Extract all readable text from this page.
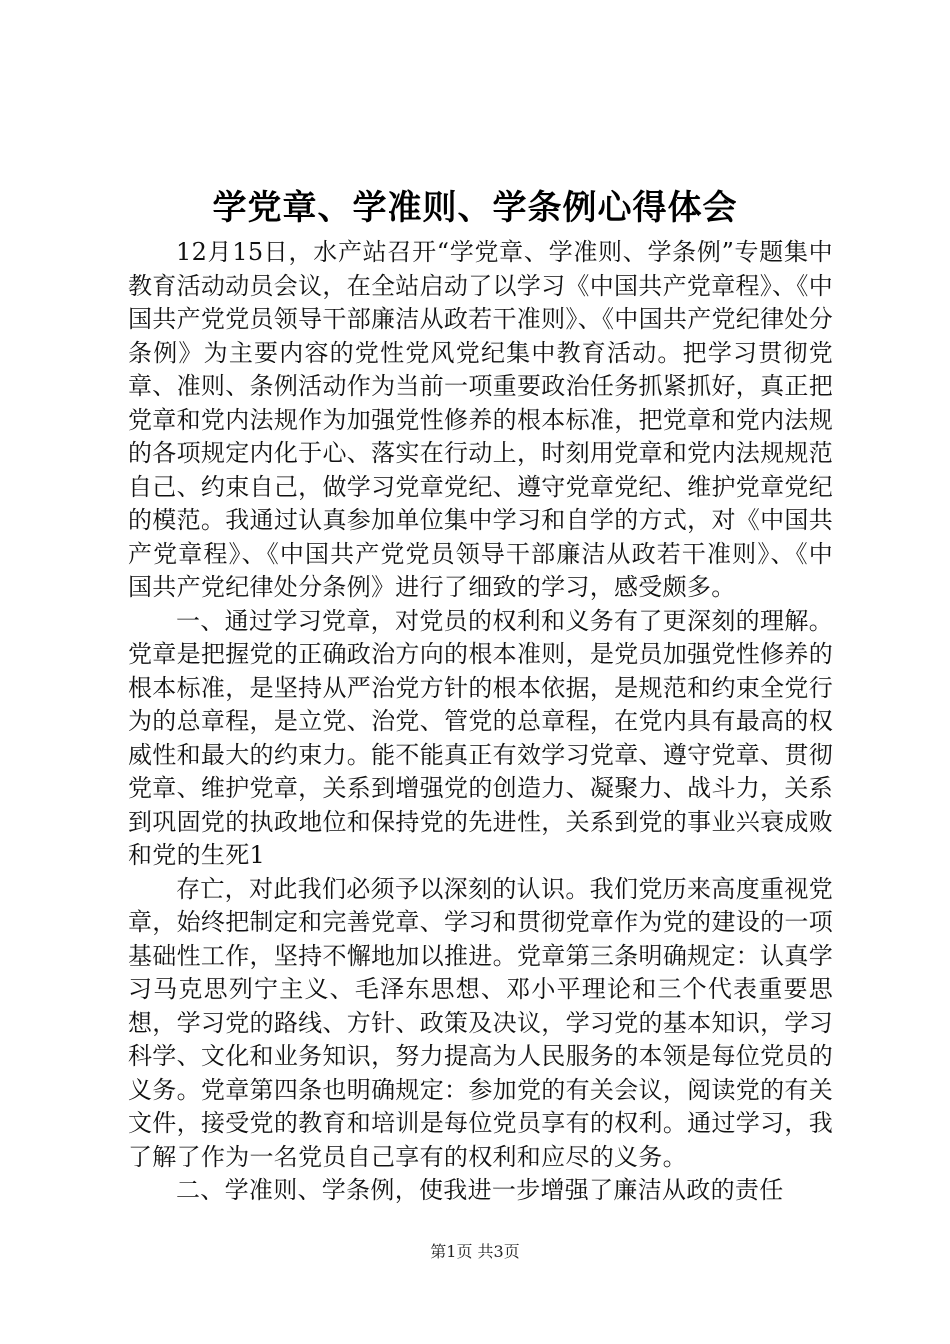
学党章、学准则、学条例心得体会

12月15日，水产站召开“学党章、学准则、学条例”专题集中教育活动动员会议，在全站启动了以学习《中国共产党章程》、《中国共产党党员领导干部廉洁从政若干准则》、《中国共产党纪律处分条例》为主要内容的党性党风党纪集中教育活动。把学习贯彻党章、准则、条例活动作为当前一项重要政治任务抓紧抓好，真正把党章和党内法规作为加强党性修养的根本标准，把党章和党内法规的各项规定内化于心、落实在行动上，时刻用党章和党内法规规范自己、约束自己，做学习党章党纪、遵守党章党纪、维护党章党纪的模范。我通过认真参加单位集中学习和自学的方式，对《中国共产党章程》、《中国共产党党员领导干部廉洁从政若干准则》、《中国共产党纪律处分条例》进行了细致的学习，感受颇多。

一、通过学习党章，对党员的权利和义务有了更深刻的理解。党章是把握党的正确政治方向的根本准则，是党员加强党性修养的根本标准，是坚持从严治党方针的根本依据，是规范和约束全党行为的总章程，是立党、治党、管党的总章程，在党内具有最高的权威性和最大的约束力。能不能真正有效学习党章、遵守党章、贯彻党章、维护党章，关系到增强党的创造力、凝聚力、战斗力，关系到巩固党的执政地位和保持党的先进性，关系到党的事业兴衰成败和党的生死1

存亡，对此我们必须予以深刻的认识。我们党历来高度重视党章，始终把制定和完善党章、学习和贯彻党章作为党的建设的一项基础性工作，坚持不懈地加以推进。党章第三条明确规定：认真学习马克思列宁主义、毛泽东思想、邓小平理论和三个代表重要思想，学习党的路线、方针、政策及决议，学习党的基本知识，学习科学、文化和业务知识，努力提高为人民服务的本领是每位党员的义务。党章第四条也明确规定：参加党的有关会议，阅读党的有关文件，接受党的教育和培训是每位党员享有的权利。通过学习，我了解了作为一名党员自己享有的权利和应尽的义务。

二、学准则、学条例，使我进一步增强了廉洁从政的责任

第1页 共3页
